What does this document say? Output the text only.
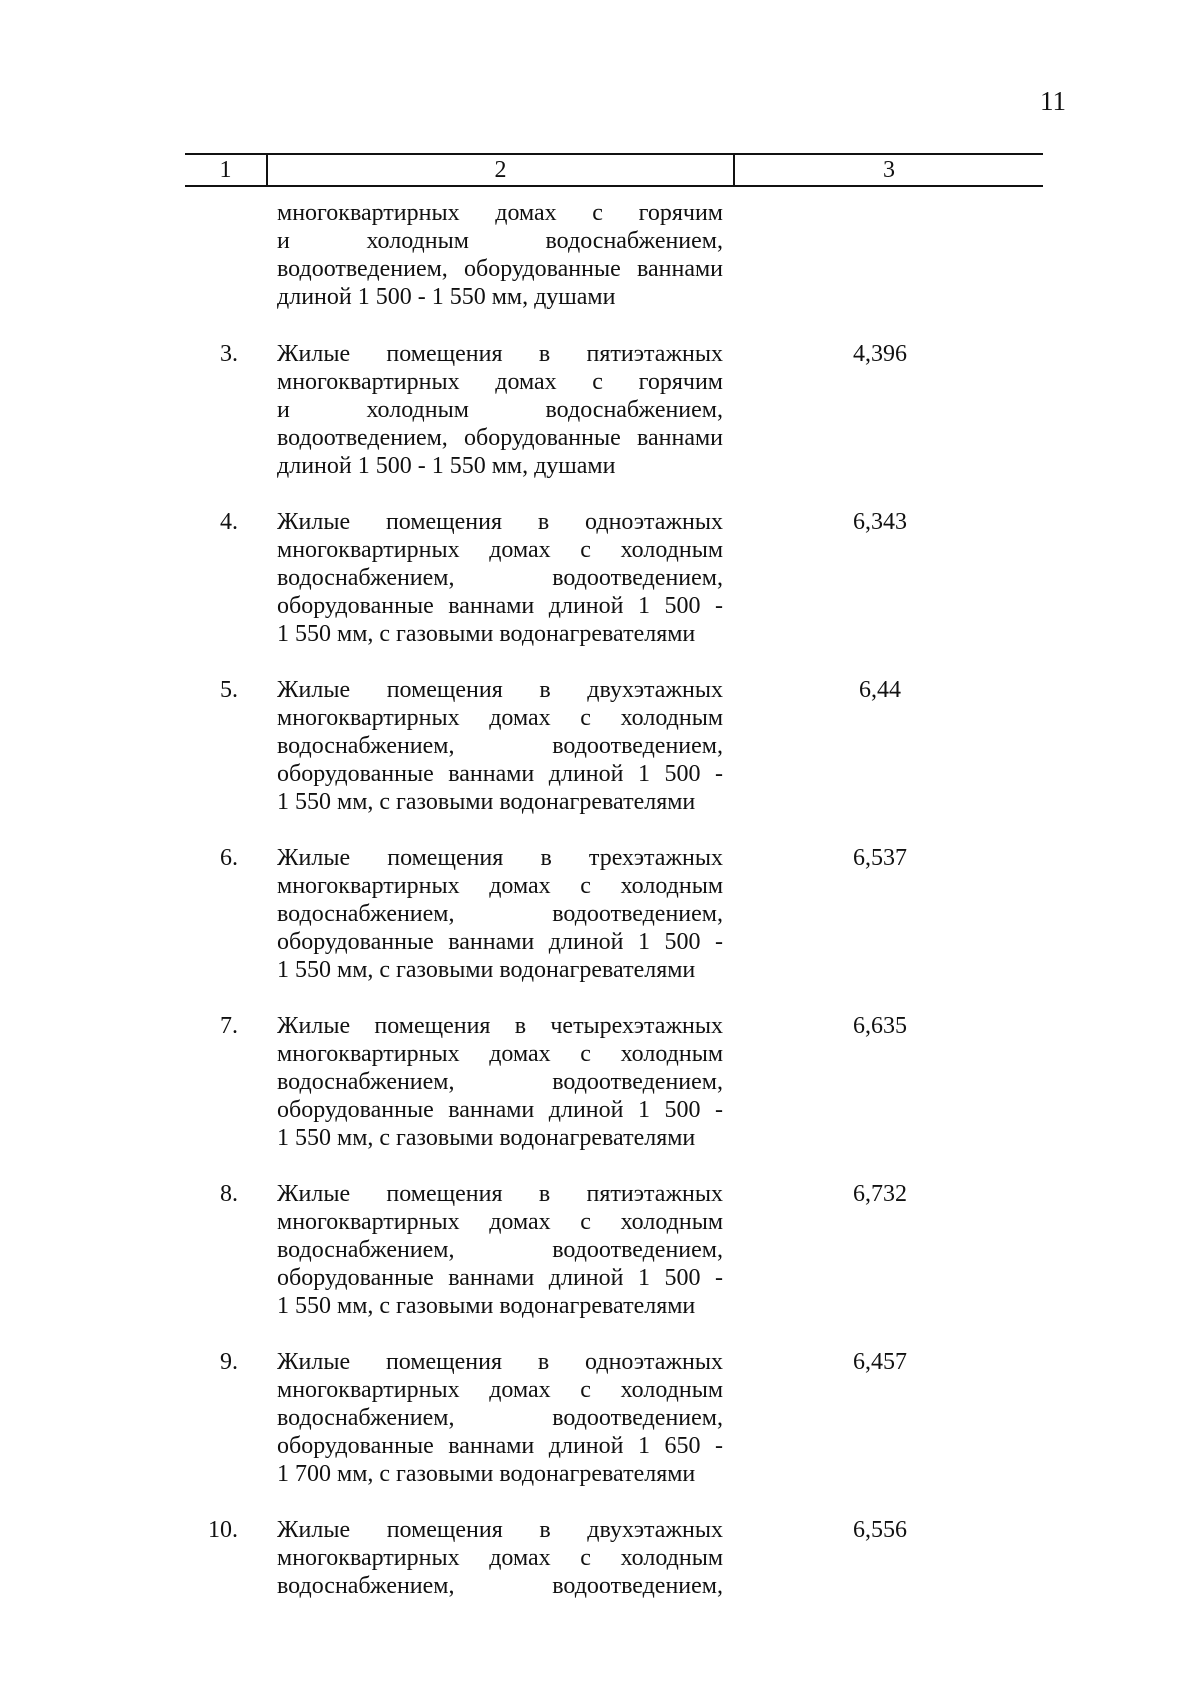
11
1	2	3
многоквартирных домах с горячим
и холодным водоснабжением,
водоотведением, оборудованные ваннами
длиной 1 500 - 1 550 мм, душами
3. Жилые помещения в пятиэтажных
многоквартирных домах с горячим
и холодным водоснабжением,
водоотведением, оборудованные ваннами
длиной 1 500 - 1 550 мм, душами
4,396
4. Жилые помещения в одноэтажных
многоквартирных домах с холодным
водоснабжением, водоотведением,
оборудованные ваннами длиной 1 500 -
1 550 мм, с газовыми водонагревателями
6,343
5. Жилые помещения в двухэтажных
многоквартирных домах с холодным
водоснабжением, водоотведением,
оборудованные ваннами длиной 1 500 -
1 550 мм, с газовыми водонагревателями
6,44
6. Жилые помещения в трехэтажных
многоквартирных домах с холодным
водоснабжением, водоотведением,
оборудованные ваннами длиной 1 500 -
1 550 мм, с газовыми водонагревателями
6,537
7. Жилые помещения в четырехэтажных
многоквартирных домах с холодным
водоснабжением, водоотведением,
оборудованные ваннами длиной 1 500 -
1 550 мм, с газовыми водонагревателями
6,635
8. Жилые помещения в пятиэтажных
многоквартирных домах с холодным
водоснабжением, водоотведением,
оборудованные ваннами длиной 1 500 -
1 550 мм, с газовыми водонагревателями
6,732
9. Жилые помещения в одноэтажных
многоквартирных домах с холодным
водоснабжением, водоотведением,
оборудованные ваннами длиной 1 650 -
1 700 мм, с газовыми водонагревателями
6,457
10. Жилые помещения в двухэтажных
многоквартирных домах с холодным
водоснабжением, водоотведением,
6,556
